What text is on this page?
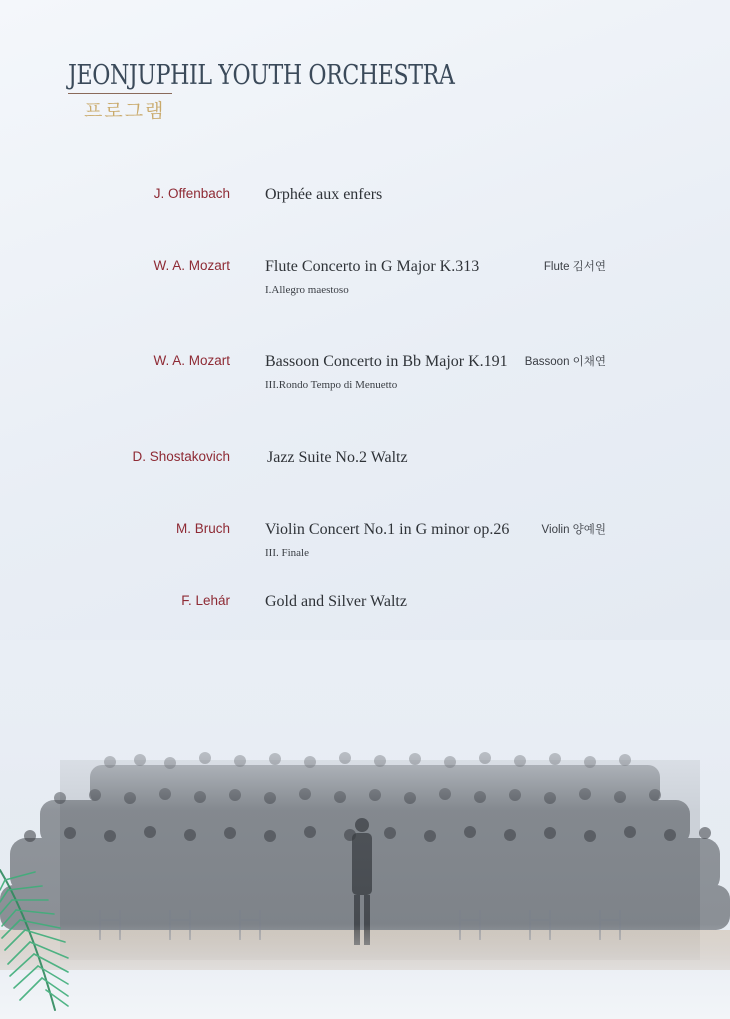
JEONJUPHIL YOUTH ORCHESTRA
프로그램
J. Offenbach Orphée aux enfers
W. A. Mozart Flute Concerto in G Major K.313
I.Allegro maestoso
Flute 김서연
W. A. Mozart Bassoon Concerto in Bb Major K.191
III.Rondo Tempo di Menuetto
Bassoon 이채연
D. Shostakovich Jazz Suite No.2 Waltz
M. Bruch Violin Concert No.1 in G minor op.26
III. Finale
Violin 양예원
F. Lehár Gold and Silver Waltz
